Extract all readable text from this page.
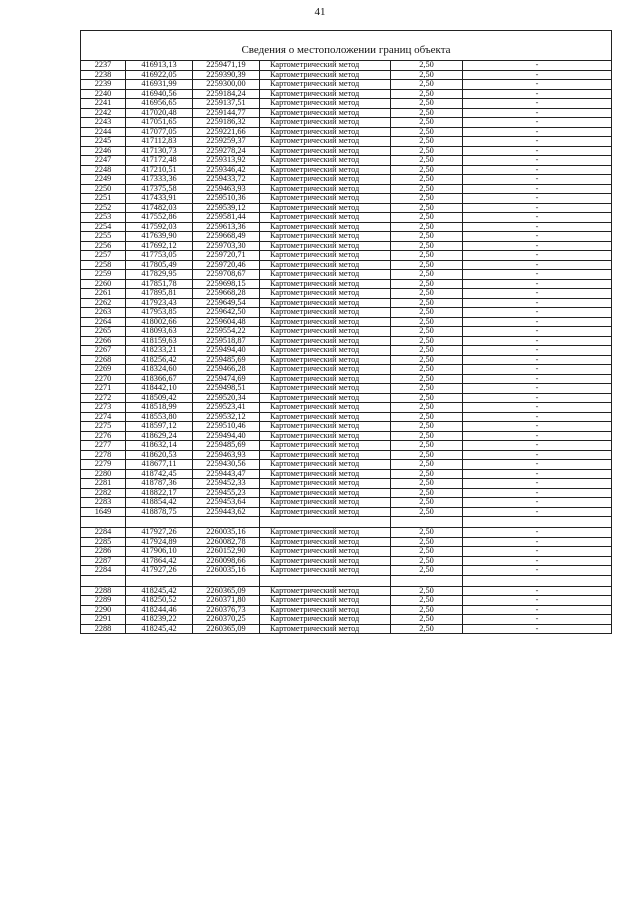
41
Сведения о местоположении границ объекта
2237	416913,13	2259471,19	Картометрический метод	2,50	-
2238	416922,05	2259390,39	Картометрический метод	2,50	-
2239	416931,99	2259300,00	Картометрический метод	2,50	-
2240	416940,56	2259184,24	Картометрический метод	2,50	-
2241	416956,65	2259137,51	Картометрический метод	2,50	-
2242	417020,48	2259144,77	Картометрический метод	2,50	-
2243	417051,65	2259186,32	Картометрический метод	2,50	-
2244	417077,05	2259221,66	Картометрический метод	2,50	-
2245	417112,83	2259259,37	Картометрический метод	2,50	-
2246	417130,73	2259278,24	Картометрический метод	2,50	-
2247	417172,48	2259313,92	Картометрический метод	2,50	-
2248	417210,51	2259346,42	Картометрический метод	2,50	-
2249	417333,36	2259433,72	Картометрический метод	2,50	-
2250	417375,58	2259463,93	Картометрический метод	2,50	-
2251	417433,91	2259510,36	Картометрический метод	2,50	-
2252	417482,03	2259539,12	Картометрический метод	2,50	-
2253	417552,86	2259581,44	Картометрический метод	2,50	-
2254	417592,03	2259613,36	Картометрический метод	2,50	-
2255	417639,90	2259668,49	Картометрический метод	2,50	-
2256	417692,12	2259703,30	Картометрический метод	2,50	-
2257	417753,05	2259720,71	Картометрический метод	2,50	-
2258	417805,49	2259720,46	Картометрический метод	2,50	-
2259	417829,95	2259708,67	Картометрический метод	2,50	-
2260	417851,78	2259698,15	Картометрический метод	2,50	-
2261	417895,81	2259668,28	Картометрический метод	2,50	-
2262	417923,43	2259649,54	Картометрический метод	2,50	-
2263	417953,85	2259642,50	Картометрический метод	2,50	-
2264	418002,66	2259604,48	Картометрический метод	2,50	-
2265	418093,63	2259554,22	Картометрический метод	2,50	-
2266	418159,63	2259518,87	Картометрический метод	2,50	-
2267	418233,21	2259494,40	Картометрический метод	2,50	-
2268	418256,42	2259485,69	Картометрический метод	2,50	-
2269	418324,60	2259466,28	Картометрический метод	2,50	-
2270	418366,67	2259474,69	Картометрический метод	2,50	-
2271	418442,10	2259498,51	Картометрический метод	2,50	-
2272	418509,42	2259520,34	Картометрический метод	2,50	-
2273	418518,99	2259523,41	Картометрический метод	2,50	-
2274	418553,80	2259532,12	Картометрический метод	2,50	-
2275	418597,12	2259510,46	Картометрический метод	2,50	-
2276	418629,24	2259494,40	Картометрический метод	2,50	-
2277	418632,14	2259485,69	Картометрический метод	2,50	-
2278	418620,53	2259463,93	Картометрический метод	2,50	-
2279	418677,11	2259430,56	Картометрический метод	2,50	-
2280	418742,45	2259443,47	Картометрический метод	2,50	-
2281	418787,36	2259452,33	Картометрический метод	2,50	-
2282	418822,17	2259455,23	Картометрический метод	2,50	-
2283	418854,42	2259453,64	Картометрический метод	2,50	-
1649	418878,75	2259443,62	Картометрический метод	2,50	-

2284	417927,26	2260035,16	Картометрический метод	2,50	-
2285	417924,89	2260082,78	Картометрический метод	2,50	-
2286	417906,10	2260152,90	Картометрический метод	2,50	-
2287	417864,42	2260098,66	Картометрический метод	2,50	-
2284	417927,26	2260035,16	Картометрический метод	2,50	-

2288	418245,42	2260365,09	Картометрический метод	2,50	-
2289	418250,52	2260371,80	Картометрический метод	2,50	-
2290	418244,46	2260376,73	Картометрический метод	2,50	-
2291	418239,22	2260370,25	Картометрический метод	2,50	-
2288	418245,42	2260365,09	Картометрический метод	2,50	-
